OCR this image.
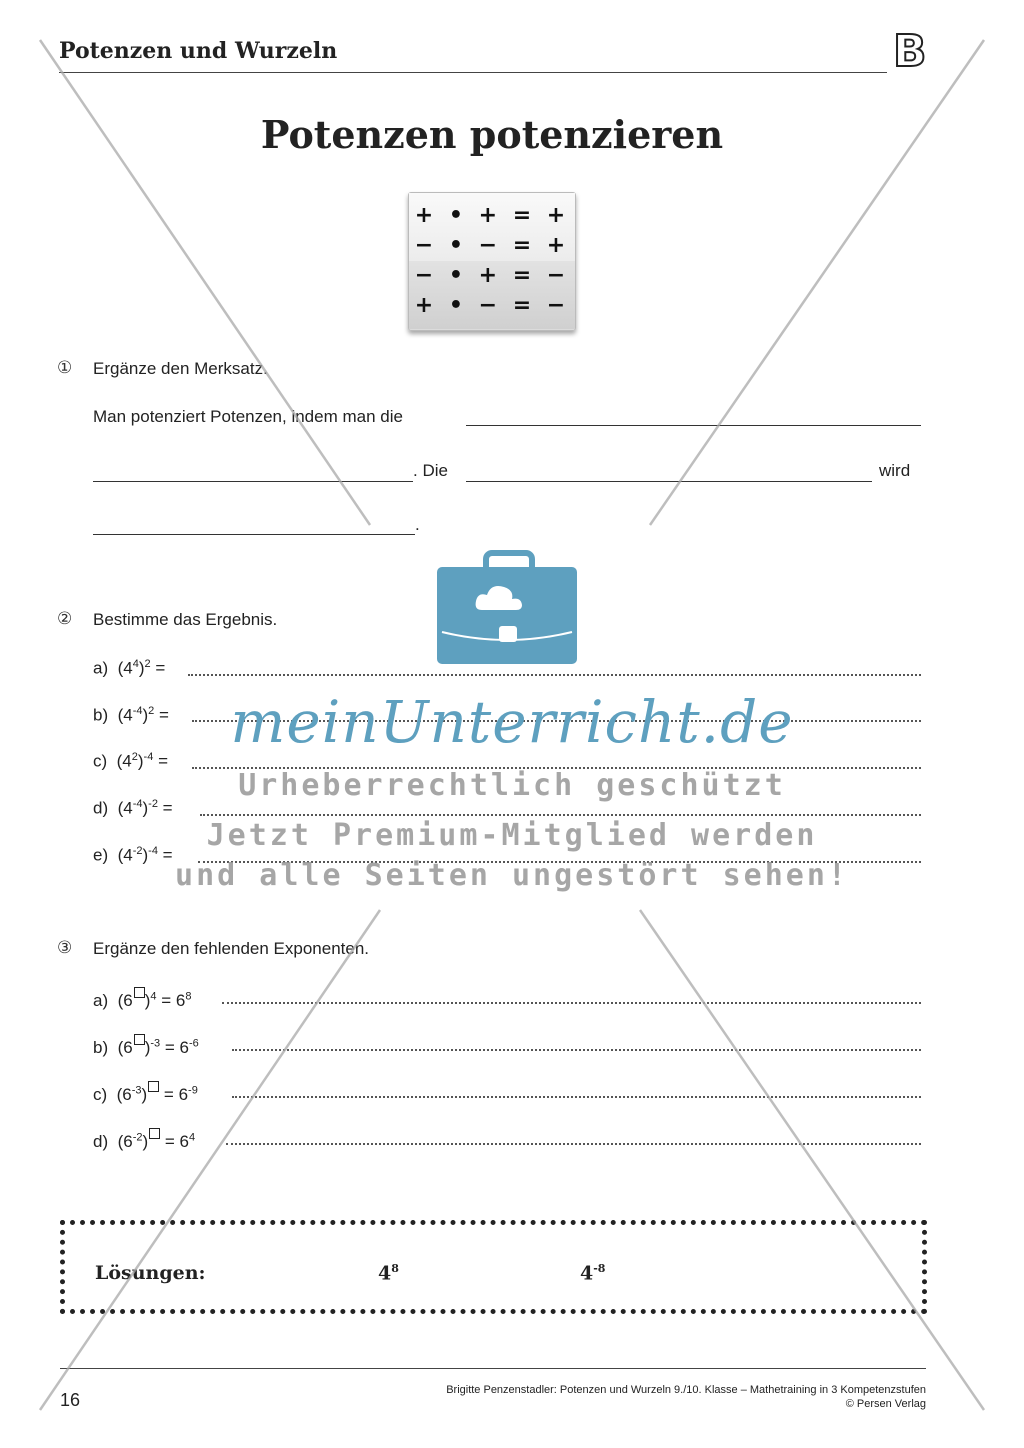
Potenzen und Wurzeln	B
Potenzen potenzieren
+ • + = +
− • − = +
− • + = −
+ • − = −
① Ergänze den Merksatz.
Man potenziert Potenzen, indem man die
. Die	wird
.
② Bestimme das Ergebnis.
a) $(4^4)^2$ =
b) $(4^{-4})^2$ =
c) $(4^2)^{-4}$ =
d) $(4^{-4})^{-2}$ =
e) $(4^{-2})^{-4}$ =
③ Ergänze den fehlenden Exponenten.
a)  (6 )$^4 = 6^8$
b)  (6 )$^{-3} = 6^{-6}$
c)  $(6^{-3}) = 6^{-9}$
d)  $(6^{-2}) = 6^4$
Lösungen:	$4^8$	$4^{-8}$
16	Brigitte Penzenstadler: Potenzen und Wurzeln 9./10. Klasse – Mathetraining in 3 Kompetenzstufen
© Persen Verlag
meinUnterricht.de
Urheberrechtlich geschützt
Jetzt Premium-Mitglied werden
und alle Seiten ungestört sehen!
